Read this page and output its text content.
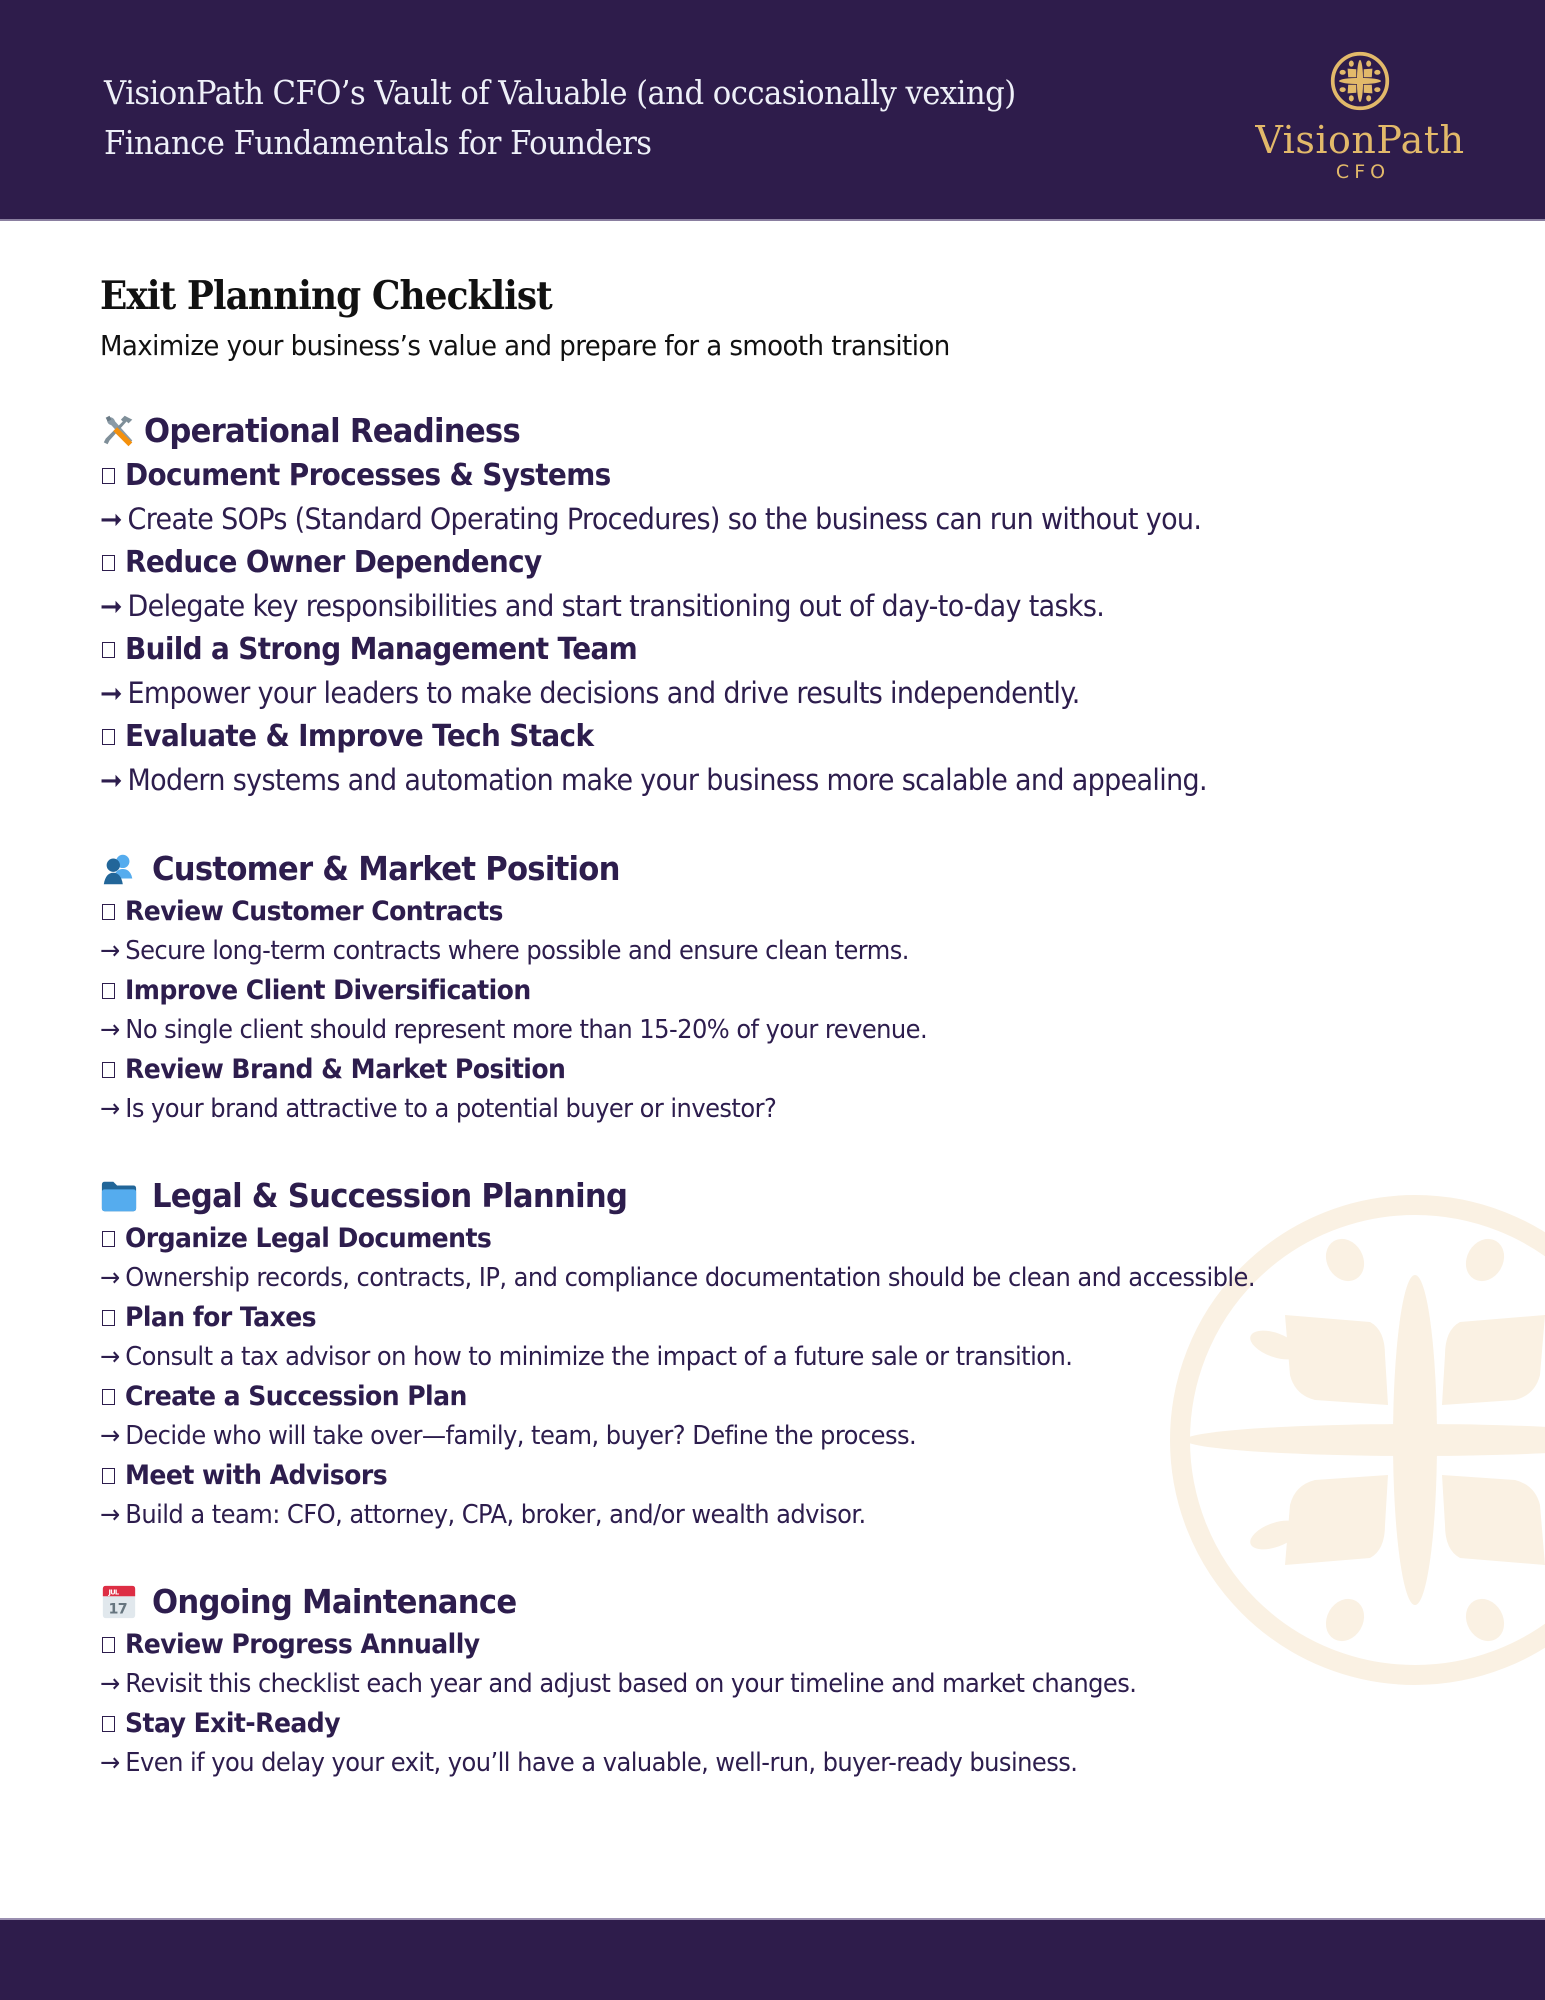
VisionPath CFO’s Vault of Valuable (and occasionally vexing)
Finance Fundamentals for Founders	VisionPath
CFO
Exit Planning Checklist
Maximize your business’s value and prepare for a smooth transition
Operational Readiness
Document Processes & Systems
➞ Create SOPs (Standard Operating Procedures) so the business can run without you.
Reduce Owner Dependency
➞ Delegate key responsibilities and start transitioning out of day-to-day tasks.
Build a Strong Management Team
➞ Empower your leaders to make decisions and drive results independently.
Evaluate & Improve Tech Stack
➞ Modern systems and automation make your business more scalable and appealing.
Customer & Market Position
Review Customer Contracts
→ Secure long-term contracts where possible and ensure clean terms.
Improve Client Diversification
→ No single client should represent more than 15-20% of your revenue.
Review Brand & Market Position
→ Is your brand attractive to a potential buyer or investor?
Legal & Succession Planning
Organize Legal Documents
→ Ownership records, contracts, IP, and compliance documentation should be clean and accessible.
Plan for Taxes
→ Consult a tax advisor on how to minimize the impact of a future sale or transition.
Create a Succession Plan
→ Decide who will take over—family, team, buyer? Define the process.
Meet with Advisors
→ Build a team: CFO, attorney, CPA, broker, and/or wealth advisor.
JUL
17 Ongoing Maintenance
Review Progress Annually
→ Revisit this checklist each year and adjust based on your timeline and market changes.
Stay Exit-Ready
→ Even if you delay your exit, you’ll have a valuable, well-run, buyer-ready business.
